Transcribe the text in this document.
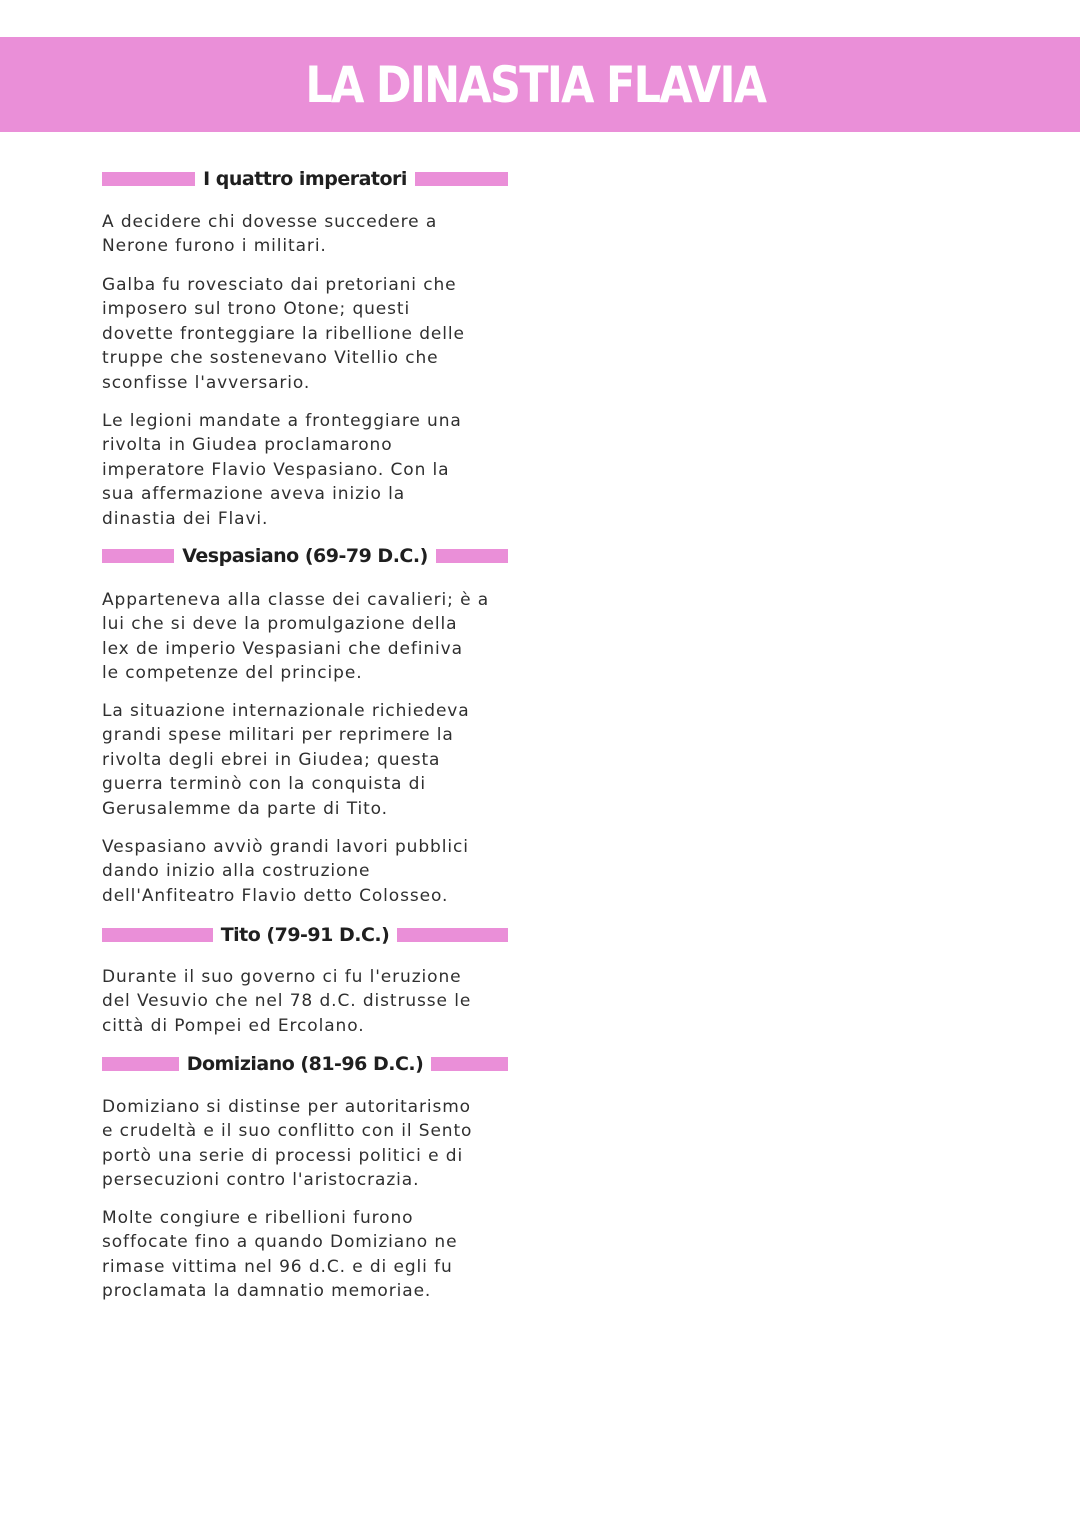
LA DINASTIA FLAVIA
I quattro imperatori

A decidere chi dovesse succedere a
Nerone furono i militari.

Galba fu rovesciato dai pretoriani che
imposero sul trono Otone; questi
dovette fronteggiare la ribellione delle
truppe che sostenevano Vitellio che
sconfisse l'avversario.

Le legioni mandate a fronteggiare una
rivolta in Giudea proclamarono
imperatore Flavio Vespasiano. Con la
sua affermazione aveva inizio la
dinastia dei Flavi.

Vespasiano (69-79 D.C.)

Apparteneva alla classe dei cavalieri; è a
lui che si deve la promulgazione della
lex de imperio Vespasiani che definiva
le competenze del principe.

La situazione internazionale richiedeva
grandi spese militari per reprimere la
rivolta degli ebrei in Giudea; questa
guerra terminò con la conquista di
Gerusalemme da parte di Tito.

Vespasiano avviò grandi lavori pubblici
dando inizio alla costruzione
dell'Anfiteatro Flavio detto Colosseo.

Tito (79-91 D.C.)

Durante il suo governo ci fu l'eruzione
del Vesuvio che nel 78 d.C. distrusse le
città di Pompei ed Ercolano.

Domiziano (81-96 D.C.)

Domiziano si distinse per autoritarismo
e crudeltà e il suo conflitto con il Sento
portò una serie di processi politici e di
persecuzioni contro l'aristocrazia.

Molte congiure e ribellioni furono
soffocate fino a quando Domiziano ne
rimase vittima nel 96 d.C. e di egli fu
proclamata la damnatio memoriae.
